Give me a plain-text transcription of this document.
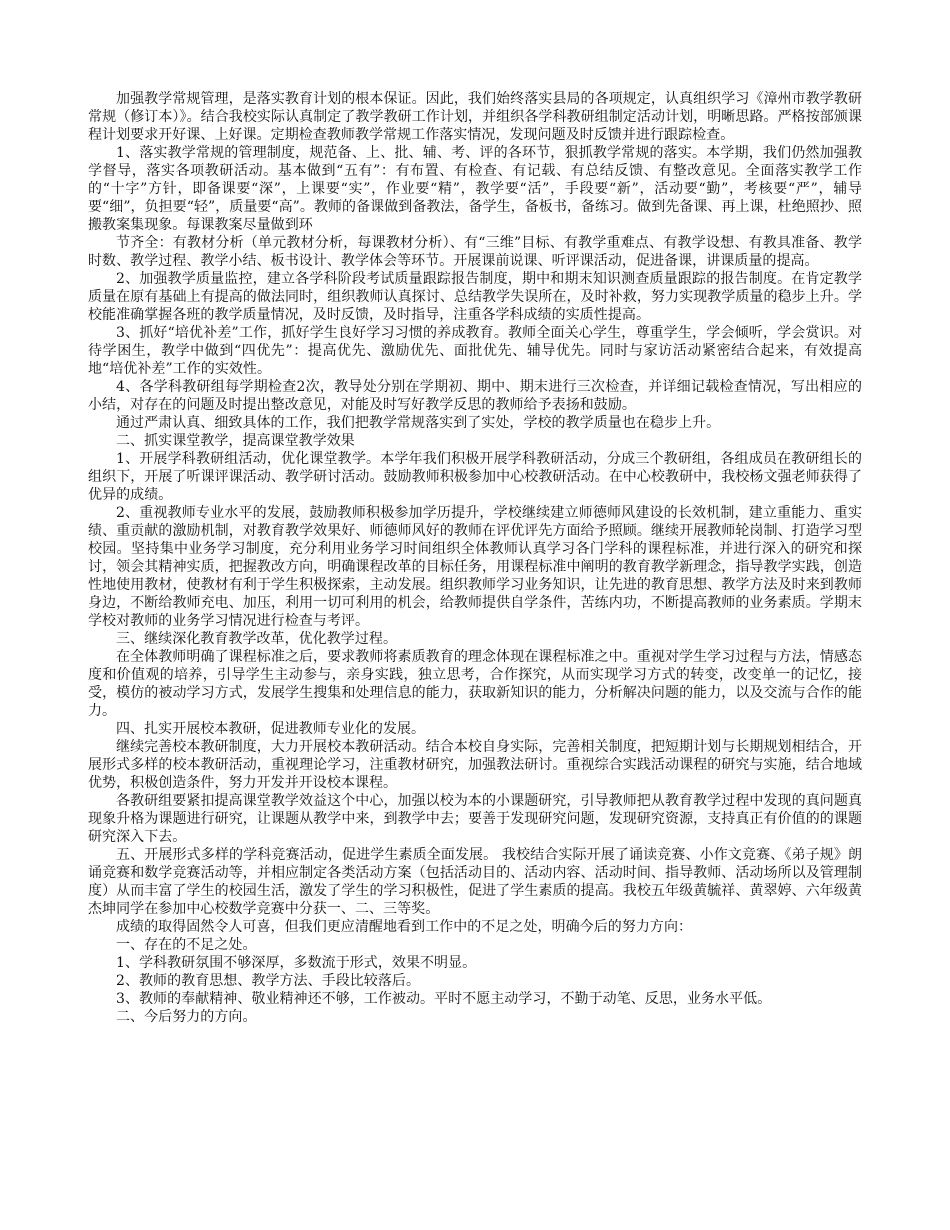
加强教学常规管理，是落实教育计划的根本保证。因此，我们始终落实县局的各项规定，认真组织学习《漳州市教学教研常规（修订本）》。结合我校实际认真制定了教学教研工作计划，并组织各学科教研组制定活动计划，明晰思路。严格按部颁课程计划要求开好课、上好课。定期检查教师教学常规工作落实情况，发现问题及时反馈并进行跟踪检查。

1、落实教学常规的管理制度，规范备、上、批、辅、考、评的各环节，狠抓教学常规的落实。本学期，我们仍然加强教学督导，落实各项教研活动。基本做到“五有”：有布置、有检查、有记载、有总结反馈、有整改意见。全面落实教学工作的“十字”方针，即备课要“深”，上课要“实”，作业要“精”，教学要“活”，手段要“新”，活动要“勤”，考核要“严”，辅导要“细”，负担要“轻”，质量要“高”。教师的备课做到备教法，备学生，备板书，备练习。做到先备课、再上课，杜绝照抄、照搬教案集现象。每课教案尽量做到环

节齐全：有教材分析（单元教材分析，每课教材分析）、有“三维”目标、有教学重难点、有教学设想、有教具准备、教学时数、教学过程、教学小结、板书设计、教学体会等环节。开展课前说课、听评课活动，促进备课，讲课质量的提高。

2、加强教学质量监控，建立各学科阶段考试质量跟踪报告制度，期中和期末知识测查质量跟踪的报告制度。在肯定教学质量在原有基础上有提高的做法同时，组织教师认真探讨、总结教学失误所在，及时补救，努力实现教学质量的稳步上升。学校能准确掌握各班的教学质量情况，及时反馈，及时指导，注重各学科成绩的实质性提高。

3、抓好“培优补差”工作，抓好学生良好学习习惯的养成教育。教师全面关心学生，尊重学生，学会倾听，学会赏识。对待学困生，教学中做到“四优先”：提高优先、激励优先、面批优先、辅导优先。同时与家访活动紧密结合起来，有效提高地“培优补差”工作的实效性。

4、各学科教研组每学期检查2次，教导处分别在学期初、期中、期末进行三次检查，并详细记载检查情况，写出相应的小结，对存在的问题及时提出整改意见，对能及时写好教学反思的教师给予表扬和鼓励。

通过严肃认真、细致具体的工作，我们把教学常规落实到了实处，学校的教学质量也在稳步上升。

二、抓实课堂教学，提高课堂教学效果

1、开展学科教研组活动，优化课堂教学。本学年我们积极开展学科教研活动，分成三个教研组，各组成员在教研组长的组织下，开展了听课评课活动、教学研讨活动。鼓励教师积极参加中心校教研活动。在中心校教研中，我校杨文强老师获得了优异的成绩。

2、重视教师专业水平的发展，鼓励教师积极参加学历提升，学校继续建立师德师风建设的长效机制，建立重能力、重实绩、重贡献的激励机制，对教育教学效果好、师德师风好的教师在评优评先方面给予照顾。继续开展教师轮岗制、打造学习型校园。坚持集中业务学习制度，充分利用业务学习时间组织全体教师认真学习各门学科的课程标准，并进行深入的研究和探讨，领会其精神实质，把握教改方向，明确课程改革的目标任务，用课程标准中阐明的教育教学新理念，指导教学实践，创造性地使用教材，使教材有利于学生积极探索，主动发展。组织教师学习业务知识，让先进的教育思想、教学方法及时来到教师身边，不断给教师充电、加压，利用一切可利用的机会，给教师提供自学条件，苦练内功，不断提高教师的业务素质。学期末学校对教师的业务学习情况进行检查与考评。

三、继续深化教育教学改革，优化教学过程。

在全体教师明确了课程标准之后，要求教师将素质教育的理念体现在课程标准之中。重视对学生学习过程与方法，情感态度和价值观的培养，引导学生主动参与，亲身实践，独立思考，合作探究，从而实现学习方式的转变，改变单一的记忆，接受，模仿的被动学习方式，发展学生搜集和处理信息的能力，获取新知识的能力，分析解决问题的能力，以及交流与合作的能力。

四、扎实开展校本教研，促进教师专业化的发展。

继续完善校本教研制度，大力开展校本教研活动。结合本校自身实际，完善相关制度，把短期计划与长期规划相结合，开展形式多样的校本教研活动，重视理论学习，注重教材研究，加强教法研讨。重视综合实践活动课程的研究与实施，结合地域优势，积极创造条件，努力开发并开设校本课程。

各教研组要紧扣提高课堂教学效益这个中心，加强以校为本的小课题研究，引导教师把从教育教学过程中发现的真问题真现象升格为课题进行研究，让课题从教学中来，到教学中去；要善于发现研究问题，发现研究资源，支持真正有价值的的课题研究深入下去。

五、开展形式多样的学科竞赛活动，促进学生素质全面发展。 我校结合实际开展了诵读竞赛、小作文竞赛、《弟子规》朗诵竞赛和数学竞赛活动等，并相应制定各类活动方案（包括活动目的、活动内容、活动时间、指导教师、活动场所以及管理制度）从而丰富了学生的校园生活，激发了学生的学习积极性，促进了学生素质的提高。我校五年级黄毓祥、黄翠婷、六年级黄杰坤同学在参加中心校数学竞赛中分获一、二、三等奖。

成绩的取得固然令人可喜，但我们更应清醒地看到工作中的不足之处，明确今后的努力方向：

一、存在的不足之处。

1、学科教研氛围不够深厚，多数流于形式，效果不明显。

2、教师的教育思想、教学方法、手段比较落后。

3、教师的奉献精神、敬业精神还不够，工作被动。平时不愿主动学习，不勤于动笔、反思，业务水平低。

二、今后努力的方向。
